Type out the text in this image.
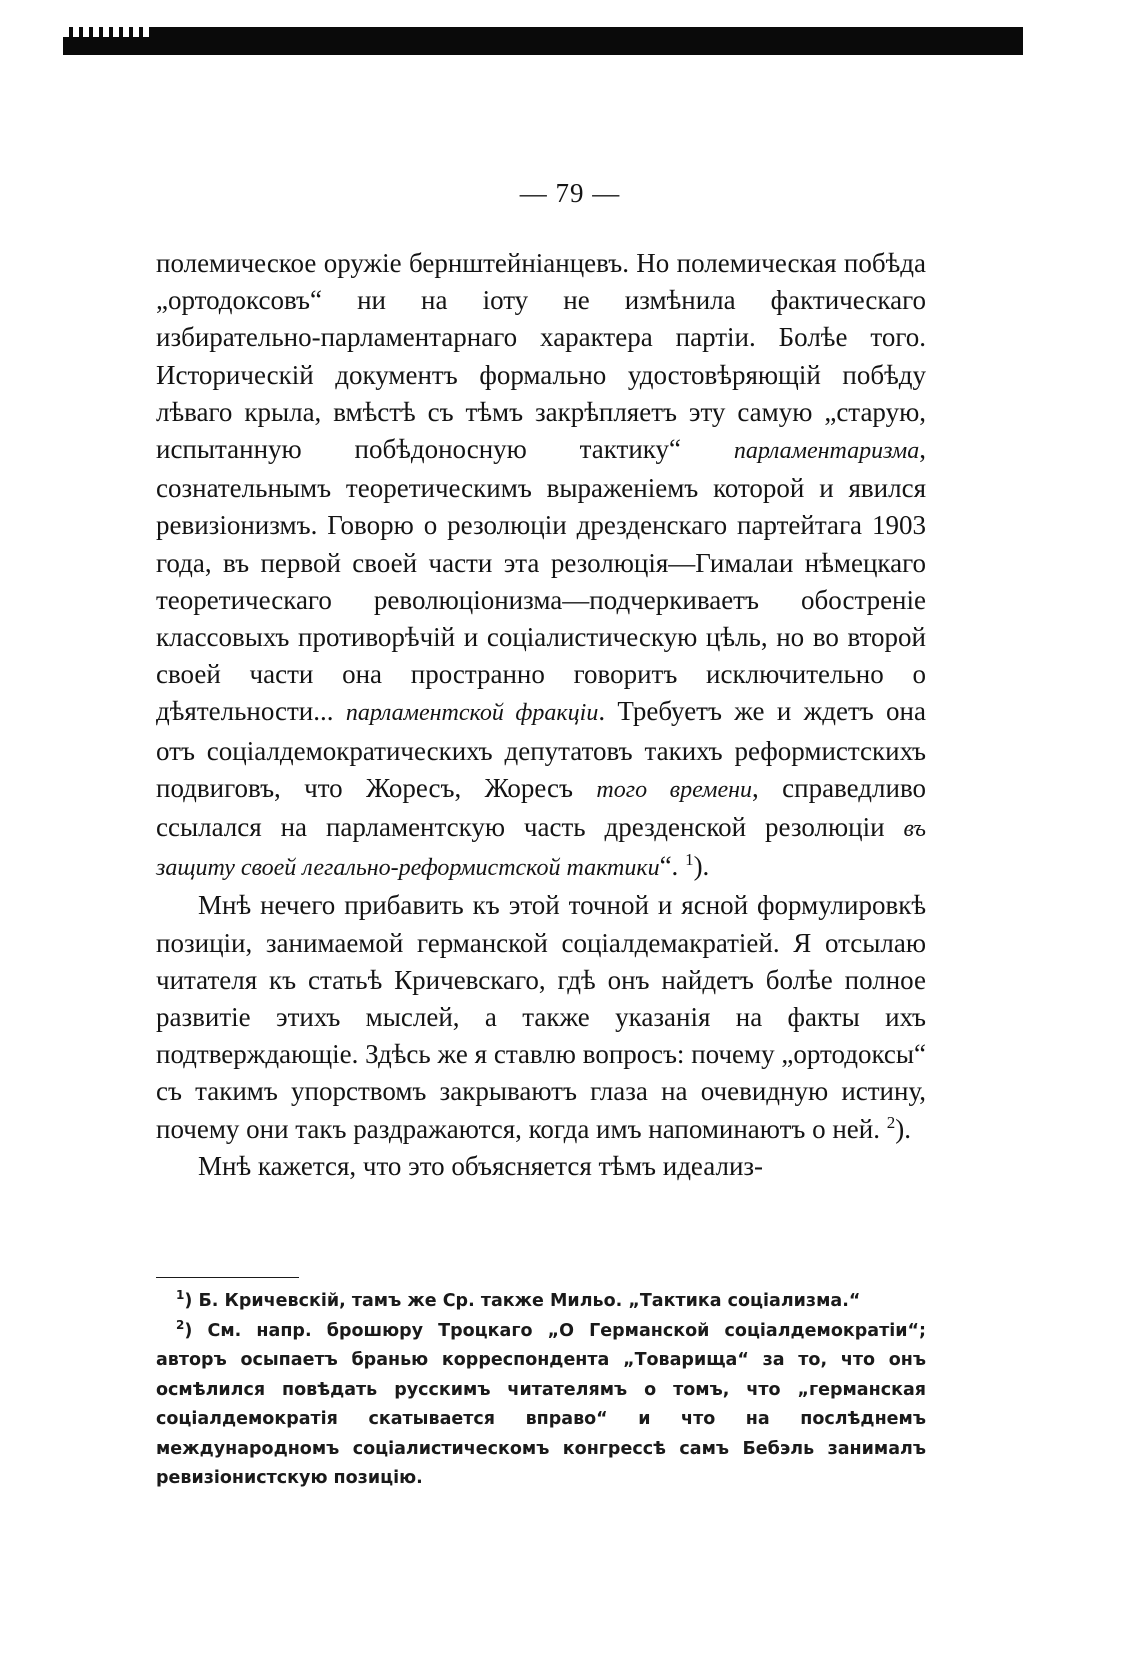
— 79 —

полемическое оружіе бернштейніанцевъ. Но полемическая побѣда „ортодоксовъ“ ни на іоту не измѣнила фактическаго избирательно-парламентарнаго характера партіи. Болѣе того. Историческій документъ формально удостовѣряющій побѣду лѣваго крыла, вмѣстѣ съ тѣмъ закрѣпляетъ эту самую „старую, испытанную побѣдоносную тактику“ парламентаризма, сознательнымъ теоретическимъ выраженіемъ которой и явился ревизіонизмъ. Говорю о резолюціи дрезденскаго партейтага 1903 года, въ первой своей части эта резолюція—Гималаи нѣмецкаго теоретическаго революціонизма—подчеркиваетъ обостреніе классовыхъ противорѣчій и соціалистическую цѣль, но во второй своей части она пространно говоритъ исключительно о дѣятельности... парламентской фракціи. Требуетъ же и ждетъ она отъ соціалдемократическихъ депутатовъ такихъ реформистскихъ подвиговъ, что Жоресъ, Жоресъ того времени, справедливо ссылался на парламентскую часть дрезденской резолюціи въ защиту своей легально-реформистской тактики“. $^1$).

Мнѣ нечего прибавить къ этой точной и ясной формулировкѣ позиціи, занимаемой германской соціалдемакратіей. Я отсылаю читателя къ статьѣ Кричевскаго, гдѣ онъ найдетъ болѣе полное развитіе этихъ мыслей, а также указанія на факты ихъ подтверждающіе. Здѣсь же я ставлю вопросъ: почему „ортодоксы“ съ такимъ упорствомъ закрываютъ глаза на очевидную истину, почему они такъ раздражаются, когда имъ напоминаютъ о ней. $^2$).

Мнѣ кажется, что это объясняется тѣмъ идеализ-

$^1$) Б. Кричевскій, тамъ же Ср. также Мильо. „Тактика соціализма.“

$^2$) См. напр. брошюру Троцкаго „О Германской соціалдемократіи“; авторъ осыпаетъ бранью корреспондента „Товарища“ за то, что онъ осмѣлился повѣдать русскимъ читателямъ о томъ, что „германская соціалдемократія скатывается вправо“ и что на послѣднемъ международномъ соціалистическомъ конгрессѣ самъ Бебэль занималъ ревизіонистскую позицію.
